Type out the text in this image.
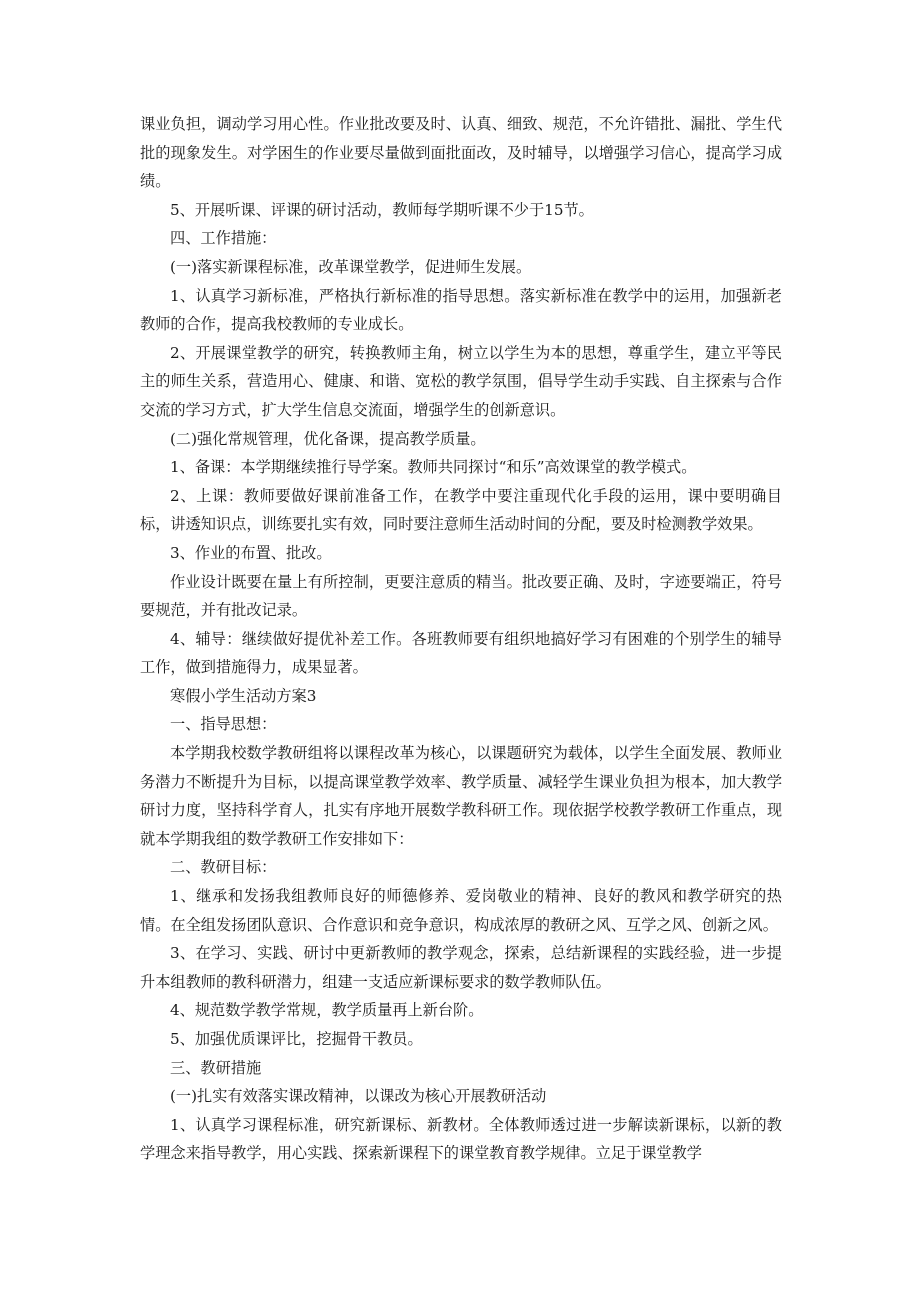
课业负担，调动学习用心性。作业批改要及时、认真、细致、规范，不允许错批、漏批、学生代批的现象发生。对学困生的作业要尽量做到面批面改，及时辅导，以增强学习信心，提高学习成绩。

5、开展听课、评课的研讨活动，教师每学期听课不少于15节。

四、工作措施：

(一)落实新课程标准，改革课堂教学，促进师生发展。

1、认真学习新标准，严格执行新标准的指导思想。落实新标准在教学中的运用，加强新老教师的合作，提高我校教师的专业成长。

2、开展课堂教学的研究，转换教师主角，树立以学生为本的思想，尊重学生，建立平等民主的师生关系，营造用心、健康、和谐、宽松的教学氛围，倡导学生动手实践、自主探索与合作交流的学习方式，扩大学生信息交流面，增强学生的创新意识。

(二)强化常规管理，优化备课，提高教学质量。

1、备课：本学期继续推行导学案。教师共同探讨“和乐”高效课堂的教学模式。

2、上课：教师要做好课前准备工作，在教学中要注重现代化手段的运用，课中要明确目标，讲透知识点，训练要扎实有效，同时要注意师生活动时间的分配，要及时检测教学效果。

3、作业的布置、批改。

作业设计既要在量上有所控制，更要注意质的精当。批改要正确、及时，字迹要端正，符号要规范，并有批改记录。

4、辅导：继续做好提优补差工作。各班教师要有组织地搞好学习有困难的个别学生的辅导工作，做到措施得力，成果显著。

寒假小学生活动方案3

一、指导思想：

本学期我校数学教研组将以课程改革为核心，以课题研究为载体，以学生全面发展、教师业务潜力不断提升为目标，以提高课堂教学效率、教学质量、减轻学生课业负担为根本，加大教学研讨力度，坚持科学育人，扎实有序地开展数学教科研工作。现依据学校教学教研工作重点，现就本学期我组的数学教研工作安排如下：

二、教研目标：

1、继承和发扬我组教师良好的师德修养、爱岗敬业的精神、良好的教风和教学研究的热情。在全组发扬团队意识、合作意识和竞争意识，构成浓厚的教研之风、互学之风、创新之风。

3、在学习、实践、研讨中更新教师的教学观念，探索，总结新课程的实践经验，进一步提升本组教师的教科研潜力，组建一支适应新课标要求的数学教师队伍。

4、规范数学教学常规，教学质量再上新台阶。

5、加强优质课评比，挖掘骨干教员。

三、教研措施

(一)扎实有效落实课改精神，以课改为核心开展教研活动

1、认真学习课程标准，研究新课标、新教材。全体教师透过进一步解读新课标，以新的教学理念来指导教学，用心实践、探索新课程下的课堂教育教学规律。立足于课堂教学
